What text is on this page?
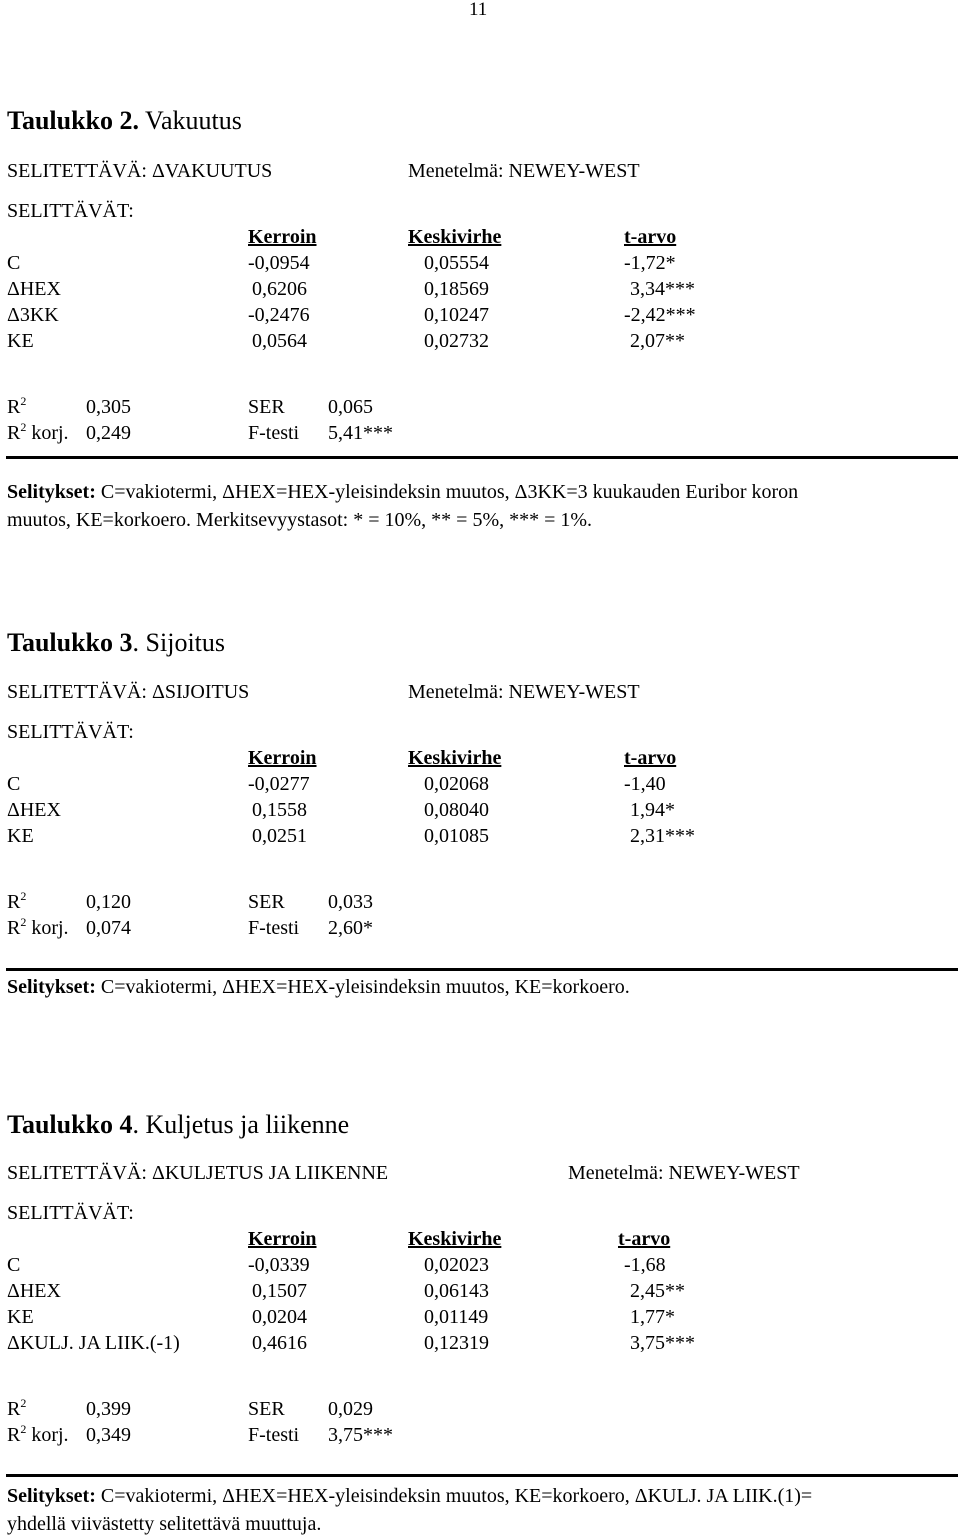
11
Taulukko 2. Vakuutus
SELITETTÄVÄ: ΔVAKUUTUS	Menetelmä: NEWEY-WEST
SELITTÄVÄT:
Kerroin	Keskivirhe	t-arvo
C	-0,0954	0,05554	-1,72*
ΔHEX	0,6206	0,18569	3,34***
Δ3KK	-0,2476	0,10247	-2,42***
KE	0,0564	0,02732	2,07**
$R^2$	0,305	SER 0,065
$R^2$ korj. 0,249	F-testi 5,41***
Selitykset: C=vakiotermi, ΔHEX=HEX-yleisindeksin muutos, Δ3KK=3 kuukauden Euribor koron
muutos, KE=korkoero. Merkitsevyystasot: * = 10%, ** = 5%, *** = 1%.
Taulukko 3. Sijoitus
SELITETTÄVÄ: ΔSIJOITUS	Menetelmä: NEWEY-WEST
SELITTÄVÄT:
Kerroin	Keskivirhe	t-arvo
C	-0,0277	0,02068	-1,40
ΔHEX	0,1558	0,08040	1,94*
KE	0,0251	0,01085	2,31***
$R^2$	0,120	SER 0,033
$R^2$ korj. 0,074	F-testi 2,60*
Selitykset: C=vakiotermi, ΔHEX=HEX-yleisindeksin muutos, KE=korkoero.
Taulukko 4. Kuljetus ja liikenne
SELITETTÄVÄ: ΔKULJETUS JA LIIKENNE	Menetelmä: NEWEY-WEST
SELITTÄVÄT:
Kerroin	Keskivirhe	t-arvo
C	-0,0339	0,02023	-1,68
ΔHEX	0,1507	0,06143	2,45**
KE	0,0204	0,01149	1,77*
ΔKULJ. JA LIIK.(-1)	0,4616	0,12319	3,75***
$R^2$	0,399	SER 0,029
$R^2$ korj. 0,349	F-testi 3,75***
Selitykset: C=vakiotermi, ΔHEX=HEX-yleisindeksin muutos, KE=korkoero, ΔKULJ. JA LIIK.(1)=
yhdellä viivästetty selitettävä muuttuja.
